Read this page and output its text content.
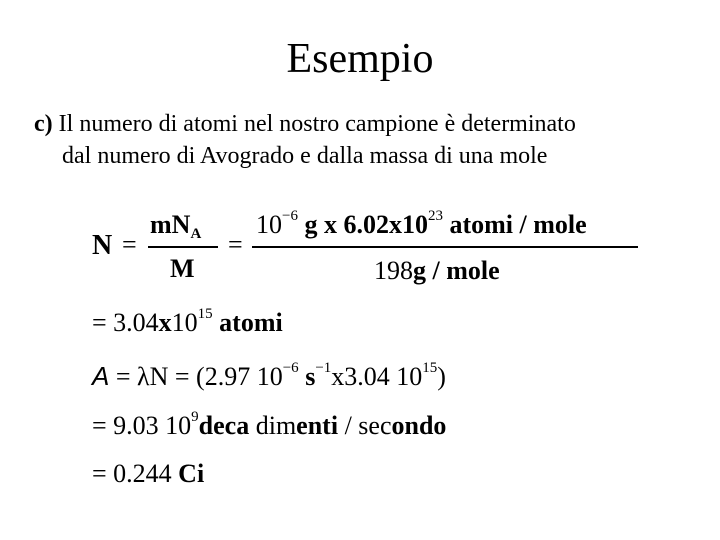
Esempio
c) Il numero di atomi nel nostro campione è determinato
dal numero di Avogrado e dalla massa di una mole
N =
$mN_A$
M
=
$10^{-6}$ g x $6.02x10^{23}$ atomi / mole
198g / mole
= $3.04x10^{15}$ atomi
A = λN = (2.97 $10^{-6}$ $s^{-1}x3.04$ $10^{15}$)
= 9.03 $10^9deca$ dimenti / secondo
= 0.244 Ci
